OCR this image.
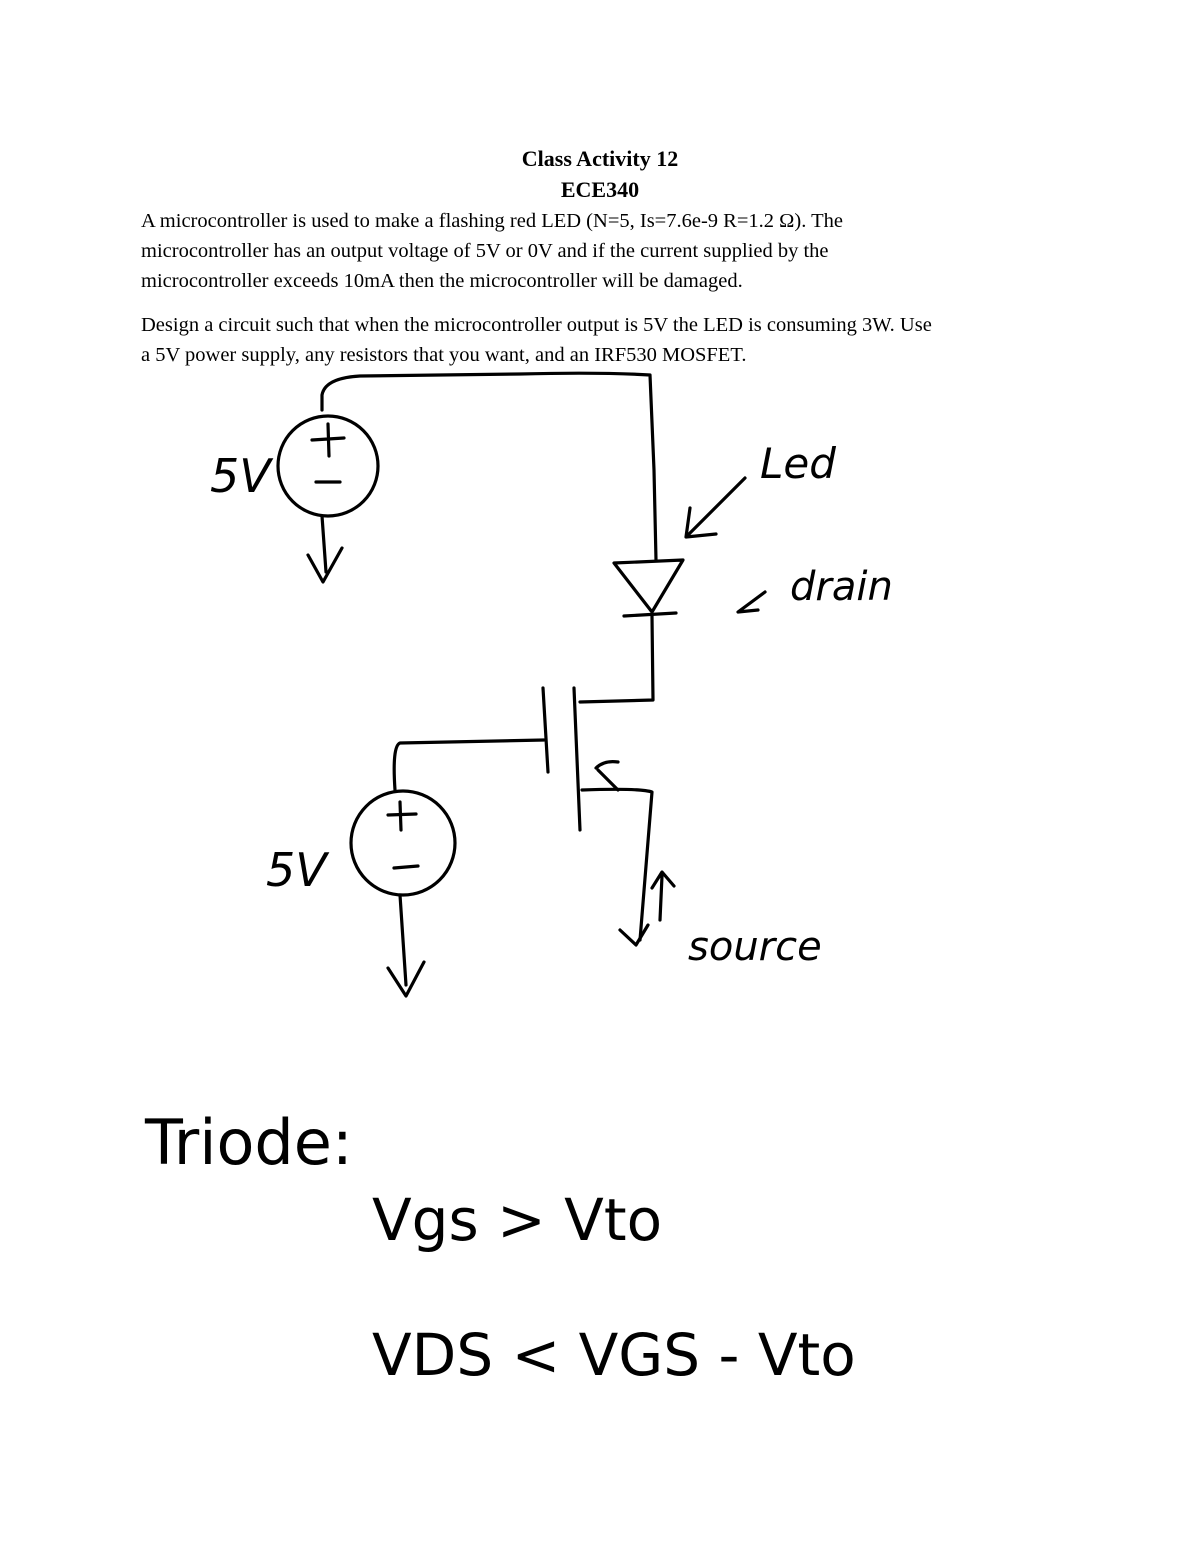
Class Activity 12
ECE340
A microcontroller is used to make a flashing red LED (N=5, Is=7.6e-9 R=1.2 Ω). The
microcontroller has an output voltage of 5V or 0V and if the current supplied by the
microcontroller exceeds 10mA then the microcontroller will be damaged.
Design a circuit such that when the microcontroller output is 5V the LED is consuming 3W. Use
a 5V power supply, any resistors that you want, and an IRF530 MOSFET.
5V
5V
Led
drain
source
Triode:
Vgs > Vto
VDS < VGS - Vto
